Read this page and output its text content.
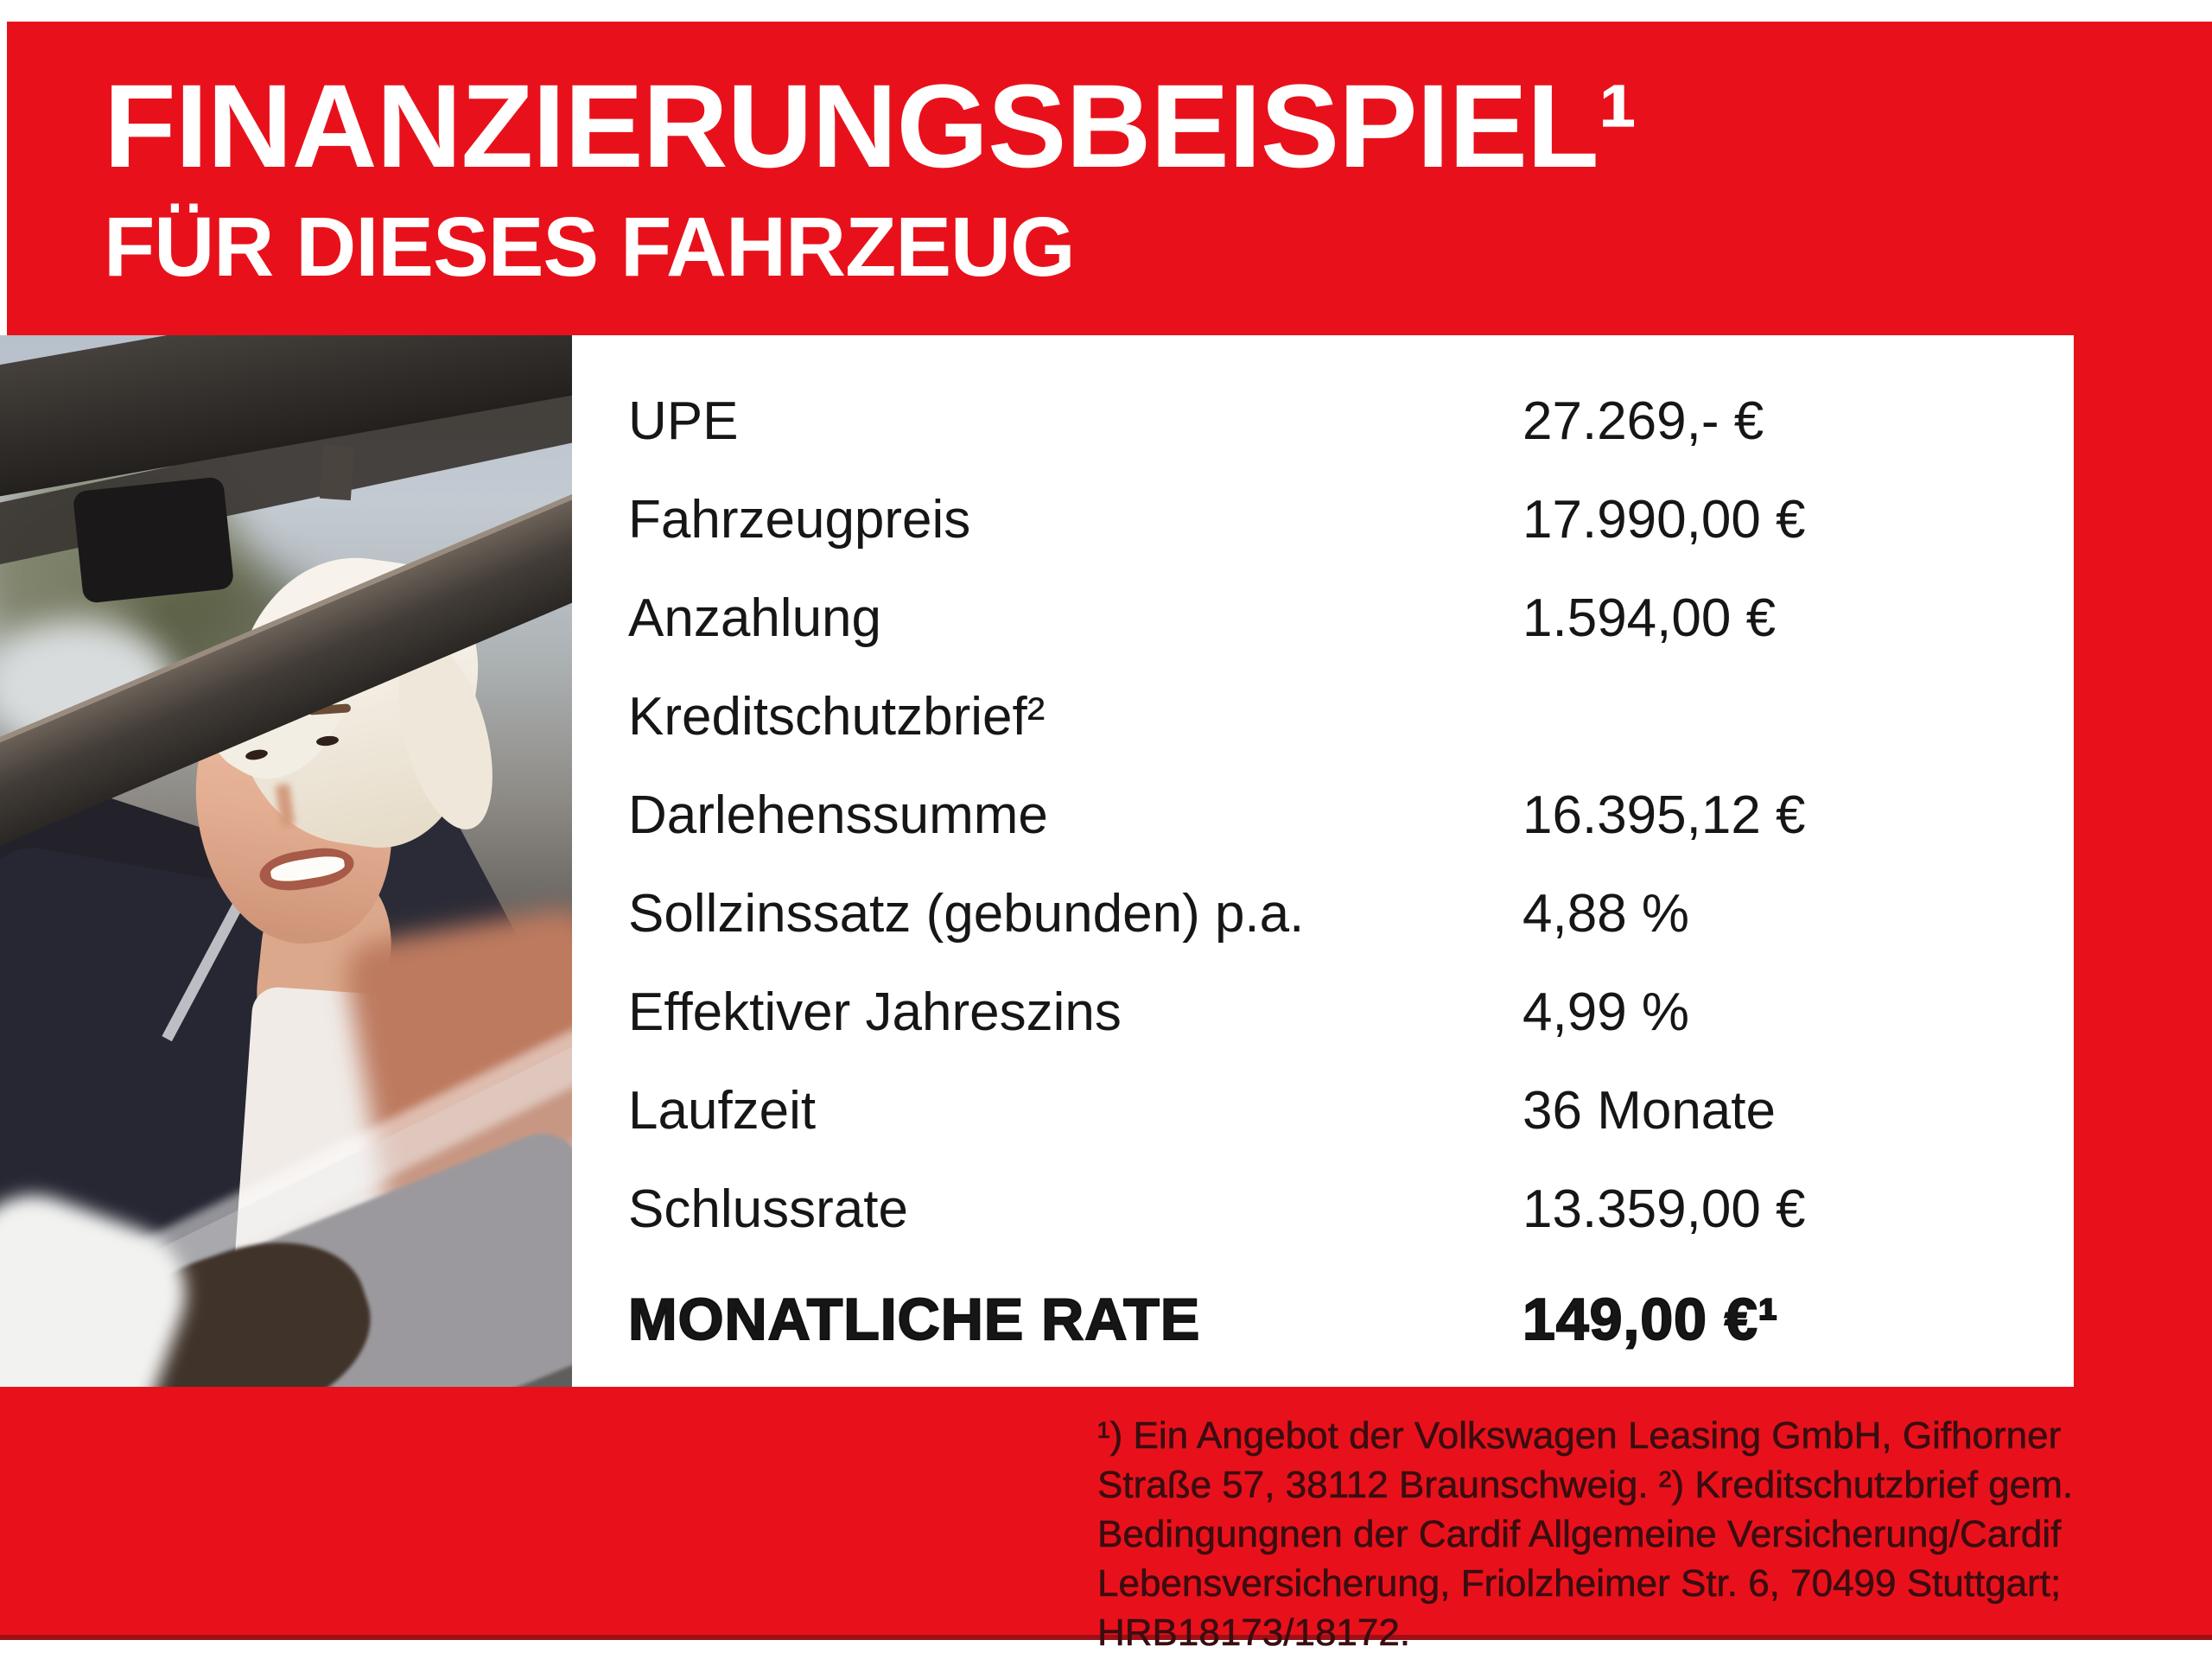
FINANZIERUNGSBEISPIEL¹
FÜR DIESES FAHRZEUG
UPE	27.269,- €
Fahrzeugpreis	17.990,00 €
Anzahlung	1.594,00 €
Kreditschutzbrief²
Darlehenssumme	16.395,12 €
Sollzinssatz (gebunden) p.a.	4,88 %
Effektiver Jahreszins	4,99 %
Laufzeit	36 Monate
Schlussrate	13.359,00 €
MONATLICHE RATE	149,00 €¹
¹) Ein Angebot der Volkswagen Leasing GmbH, Gifhorner
Straße 57, 38112 Braunschweig. ²) Kreditschutzbrief gem.
Bedingungnen der Cardif Allgemeine Versicherung/Cardif
Lebensversicherung, Friolzheimer Str. 6, 70499 Stuttgart;
HRB18173/18172.
